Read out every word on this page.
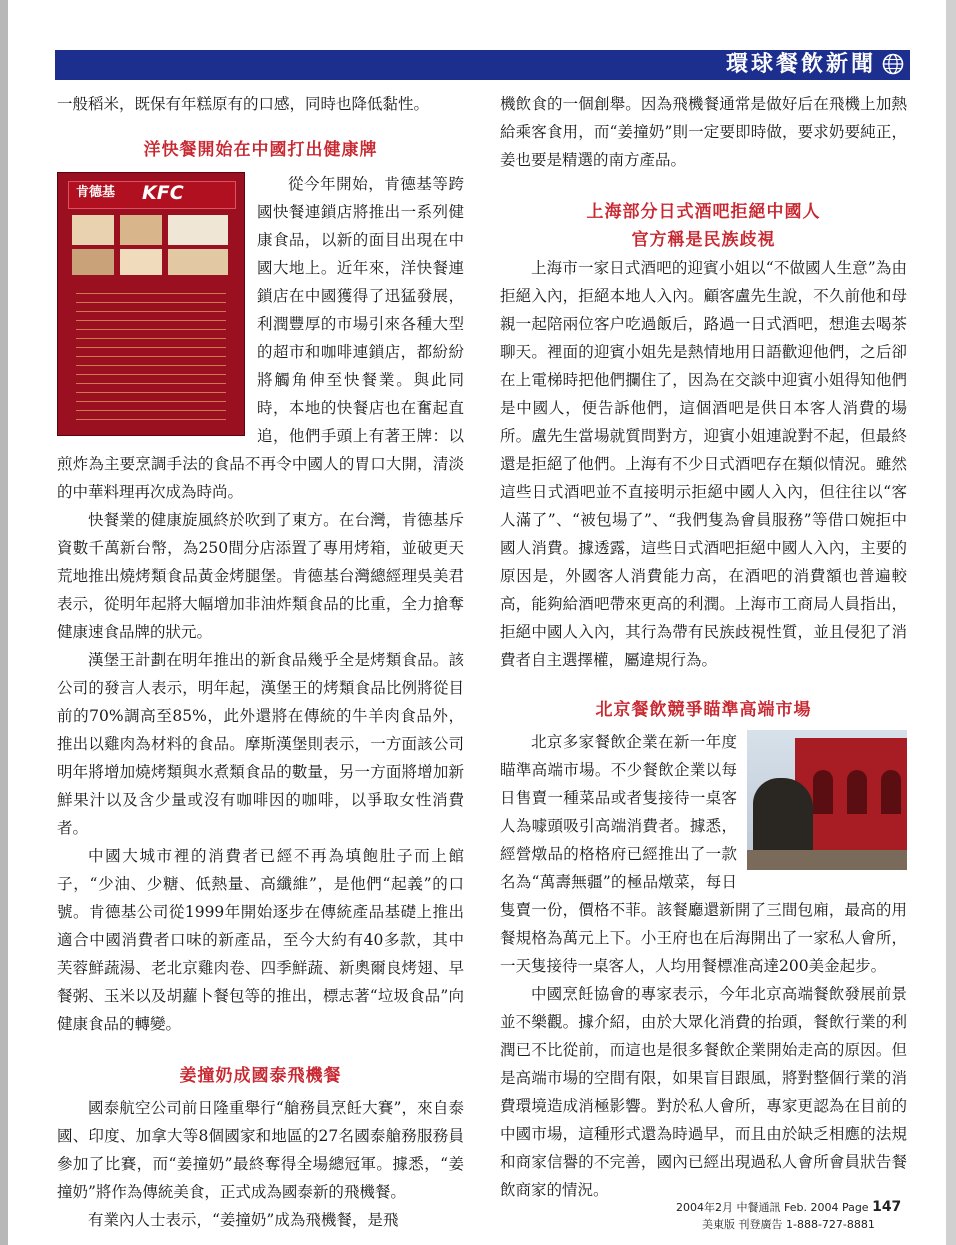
環球餐飲新聞

一般稻米，既保有年糕原有的口感，同時也降低黏性。

洋快餐開始在中國打出健康牌
肯德基 KFC	從今年開始，肯德基等跨國快餐連鎖店將推出一系列健康食品，以新的面目出現在中國大地上。近年來，洋快餐連鎖店在中國獲得了迅猛發展，利潤豐厚的市場引來各種大型的超市和咖啡連鎖店，都紛紛將觸角伸至快餐業。與此同時，本地的快餐店也在奮起直追，他們手頭上有著王牌：以煎炸為主要烹調手法的食品不再令中國人的胃口大開，清淡的中華料理再次成為時尚。

快餐業的健康旋風終於吹到了東方。在台灣，肯德基斥資數千萬新台幣，為250間分店添置了專用烤箱，並破更天荒地推出燒烤類食品黃金烤腿堡。肯德基台灣總經理吳美君表示，從明年起將大幅增加非油炸類食品的比重，全力搶奪健康速食品牌的狀元。

漢堡王計劃在明年推出的新食品幾乎全是烤類食品。該公司的發言人表示，明年起，漢堡王的烤類食品比例將從目前的70%調高至85%，此外還將在傳統的牛羊肉食品外，推出以雞肉為材料的食品。摩斯漢堡則表示，一方面該公司明年將增加燒烤類與水煮類食品的數量，另一方面將增加新鮮果汁以及含少量或沒有咖啡因的咖啡，以爭取女性消費者。

中國大城市裡的消費者已經不再為填飽肚子而上館子，“少油、少糖、低熱量、高纖維”，是他們“起義”的口號。肯德基公司從1999年開始逐步在傳統產品基礎上推出適合中國消費者口味的新產品，至今大約有40多款，其中芙蓉鮮蔬湯、老北京雞肉卷、四季鮮蔬、新奧爾良烤翅、早餐粥、玉米以及胡蘿卜餐包等的推出，標志著“垃圾食品”向健康食品的轉變。

姜撞奶成國泰飛機餐

國泰航空公司前日隆重舉行“艙務員烹飪大賽”，來自泰國、印度、加拿大等8個國家和地區的27名國泰艙務服務員參加了比賽，而“姜撞奶”最終奪得全場總冠軍。據悉，“姜撞奶”將作為傳統美食，正式成為國泰新的飛機餐。

有業內人士表示，“姜撞奶”成為飛機餐，是飛

機飲食的一個創舉。因為飛機餐通常是做好后在飛機上加熱給乘客食用，而“姜撞奶”則一定要即時做，要求奶要純正，姜也要是精選的南方產品。

上海部分日式酒吧拒絕中國人
官方稱是民族歧視

上海市一家日式酒吧的迎賓小姐以“不做國人生意”為由拒絕入內，拒絕本地人入內。顧客盧先生說，不久前他和母親一起陪兩位客户吃過飯后，路過一日式酒吧，想進去喝茶聊天。裡面的迎賓小姐先是熱情地用日語歡迎他們，之后卻在上電梯時把他們攔住了，因為在交談中迎賓小姐得知他們是中國人，便告訴他們，這個酒吧是供日本客人消費的場所。盧先生當場就質問對方，迎賓小姐連說對不起，但最終還是拒絕了他們。上海有不少日式酒吧存在類似情況。雖然這些日式酒吧並不直接明示拒絕中國人入內，但往往以“客人滿了”、“被包場了”、“我們隻為會員服務”等借口婉拒中國人消費。據透露，這些日式酒吧拒絕中國人入內，主要的原因是，外國客人消費能力高，在酒吧的消費額也普遍較高，能夠給酒吧帶來更高的利潤。上海市工商局人員指出，拒絕中國人入內，其行為帶有民族歧視性質，並且侵犯了消費者自主選擇權，屬違規行為。

北京餐飲競爭瞄準高端市場

北京多家餐飲企業在新一年度瞄準高端市場。不少餐飲企業以每日售賣一種菜品或者隻接待一桌客人為噱頭吸引高端消費者。據悉，經營燉品的格格府已經推出了一款名為“萬壽無疆”的極品燉菜，每日隻賣一份，價格不菲。該餐廳還新開了三間包廂，最高的用餐規格為萬元上下。小王府也在后海開出了一家私人會所，一天隻接待一桌客人，人均用餐標准高達200美金起步。

中國烹飪協會的專家表示，今年北京高端餐飲發展前景並不樂觀。據介紹，由於大眾化消費的抬頭，餐飲行業的利潤已不比從前，而這也是很多餐飲企業開始走高的原因。但是高端市場的空間有限，如果盲目跟風，將對整個行業的消費環境造成消極影響。對於私人會所，專家更認為在目前的中國市場，這種形式還為時過早，而且由於缺乏相應的法規和商家信譽的不完善，國內已經出現過私人會所會員狀告餐飲商家的情況。

2004年2月 中餐通訊 Feb. 2004 Page 147
美東版 刊登廣告 1-888-727-8881
